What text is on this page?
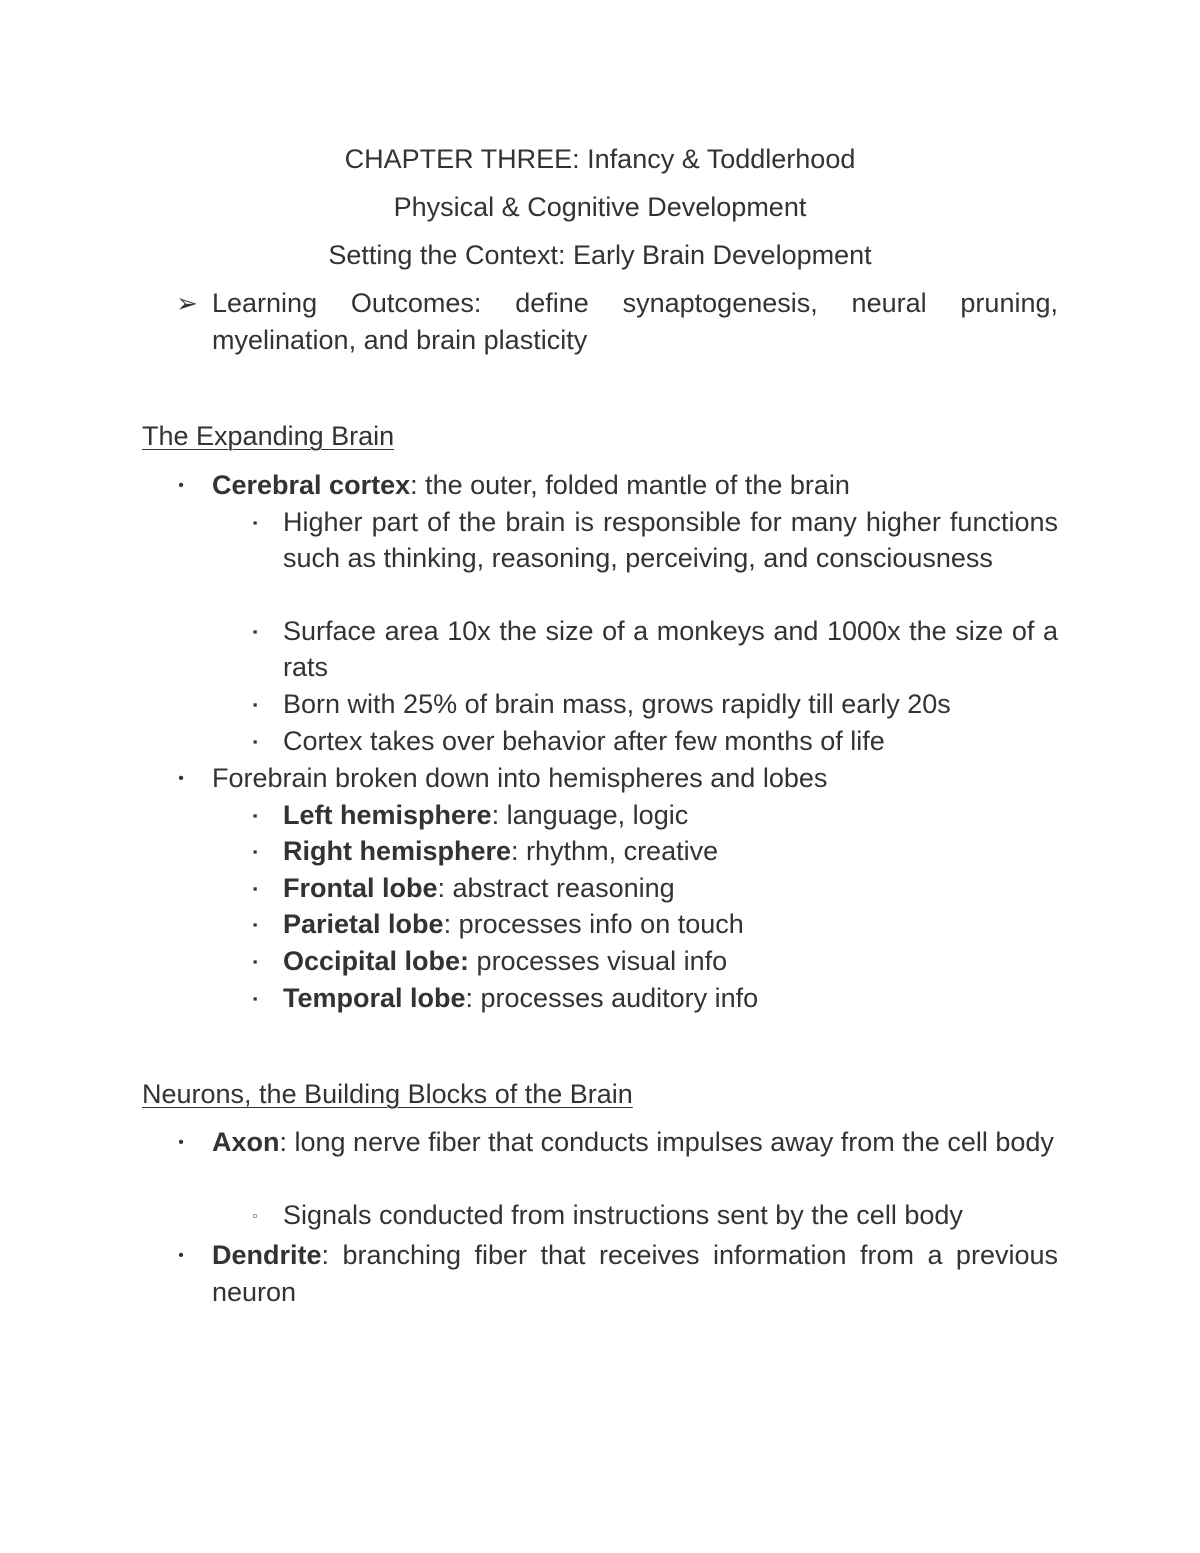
CHAPTER THREE: Infancy & Toddlerhood
Physical & Cognitive Development
Setting the Context: Early Brain Development
➢ Learning Outcomes: define synaptogenesis, neural pruning, myelination, and brain plasticity
The Expanding Brain
•	Cerebral cortex: the outer, folded mantle of the brain
▪ Higher part of the brain is responsible for many higher functions such as thinking, reasoning, perceiving, and consciousness
▪ Surface area 10x the size of a monkeys and 1000x the size of a rats
▪ Born with 25% of brain mass, grows rapidly till early 20s
▪ Cortex takes over behavior after few months of life
•	Forebrain broken down into hemispheres and lobes
▪ Left hemisphere: language, logic
▪ Right hemisphere: rhythm, creative
▪ Frontal lobe: abstract reasoning
▪ Parietal lobe: processes info on touch
▪ Occipital lobe: processes visual info
▪ Temporal lobe: processes auditory info
Neurons, the Building Blocks of the Brain
•	Axon: long nerve fiber that conducts impulses away from the cell body
▫ Signals conducted from instructions sent by the cell body
•	Dendrite: branching fiber that receives information from a previous neuron
